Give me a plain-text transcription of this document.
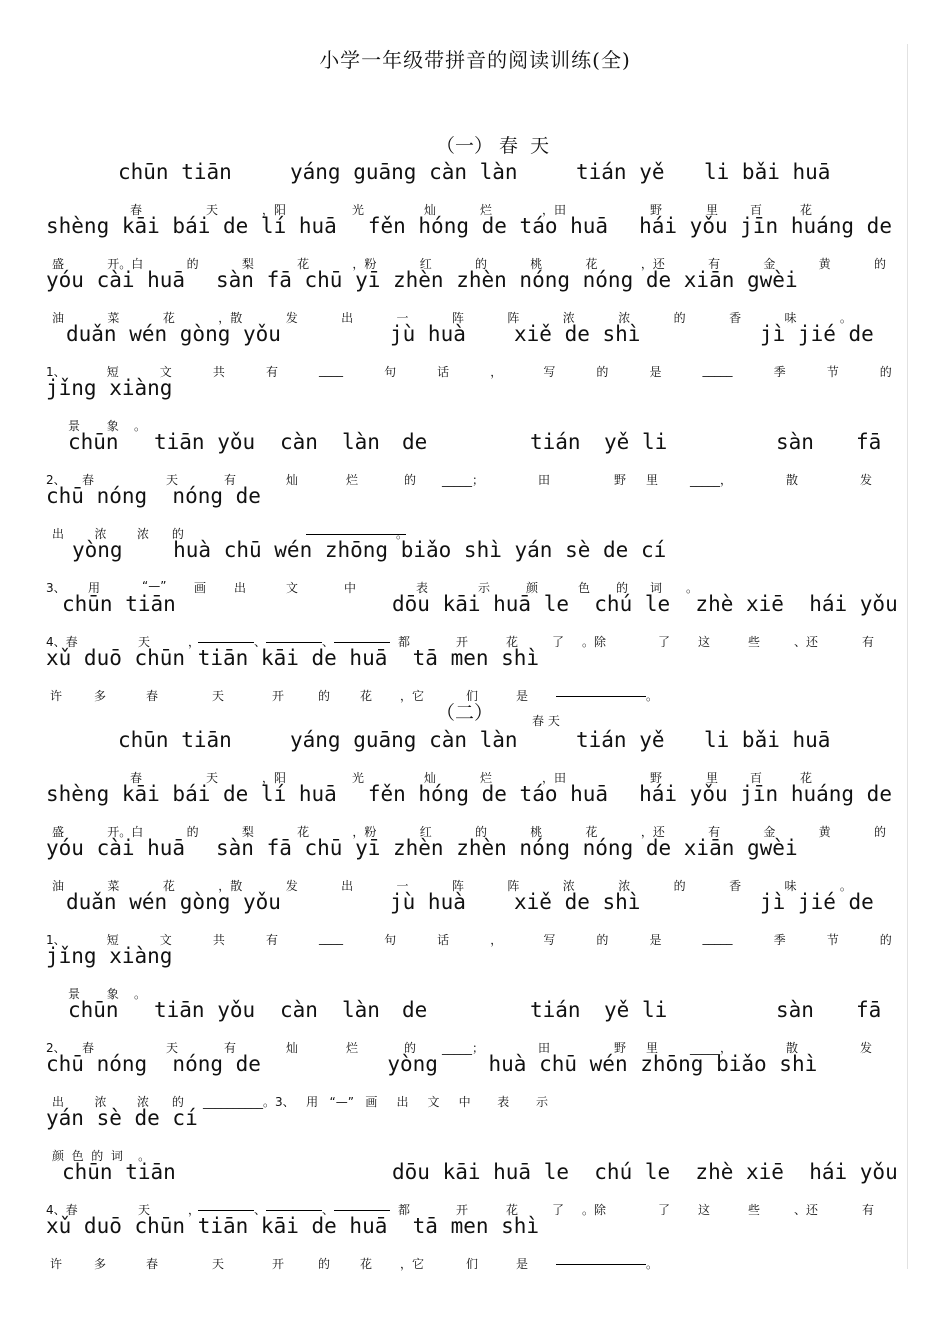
小学一年级带拼音的阅读训练(全)
（一） 春  天
chūn tiān	yáng guāng càn làn	tián yě li bǎi huā
春	天	，阳	光	灿	烂	，田	野	里	百	花
shèng kāi bái de lí huā fěn hóng de táo huā hái yǒu jīn huáng de
盛	开。白	的	梨	花	，粉	红	的	桃	花	，还	有	金	黄	的
yóu cài huā sàn fā chū yī zhèn zhèn nóng nóng de xiān gwèi
油	菜	花	，散	发	出	一	阵	阵	浓	浓	的	香	味	。
duǎn wén gòng yǒu	jù huà xiě de shì	jì jié de
1、	短	文	共	有	____	句	话	，	写	的	是	_____	季	节	的
jǐng xiàng
景       象    。
chūn tiān yǒu càn làn de	tián yě li	sàn fā
2、 春	天	有	灿	烂	的 _____；	田	野 里	_____，	散	发
chū nóng  nóng de
出        浓        浓      的	。
yòng    huà chū wén zhōng biǎo shì yán sè de cí
3、 用	“—” 画 出	文	中	表	示	颜	色 的 词 。
chūn tiān	dōu kāi huā le  chú le  zhè xiē  hái yǒu
4、春	天	，	、	、	都	开	花	了 。除	了 这	些	、还	有
xǔ duō chūn tiān kāi de huā  tā men shì
许	多	春	天	开	的 花 ，它	们	是	。
（二）	春 天
chūn tiān	yáng guāng càn làn	tián yě li bǎi huā
春	天	，阳	光	灿	烂	，田	野	里	百	花
shèng kāi bái de lí huā fěn hóng de táo huā hái yǒu jīn huáng de
盛	开。白	的	梨	花	，粉	红	的	桃	花	，还	有	金	黄	的
yóu cài huā sàn fā chū yī zhèn zhèn nóng nóng de xiān gwèi
油	菜	花	，散	发	出	一	阵	阵	浓	浓	的	香	味	。
duǎn wén gòng yǒu	jù huà xiě de shì	jì jié de
1、	短	文	共	有	____	句	话	，	写	的	是	_____	季	节	的
jǐng xiàng
景       象    。
chūn tiān yǒu càn làn de	tián yě li	sàn fā
2、 春	天	有	灿	烂	的 _____；	田	野 里	_____，	散	发
chū nóng  nóng de          yòng    huà chū wén zhōng biǎo shì
出        浓        浓      的     __________。3、   用   “—”   画     出     文     中       表       示
yán sè de cí
颜  色  的  词    。
chūn tiān	dōu kāi huā le  chú le  zhè xiē  hái yǒu
4、春	天	，	、	、	都	开	花	了 。除	了 这	些	、还	有
xǔ duō chūn tiān kāi de huā  tā men shì
许	多	春	天	开	的 花 ，它	们	是	。
